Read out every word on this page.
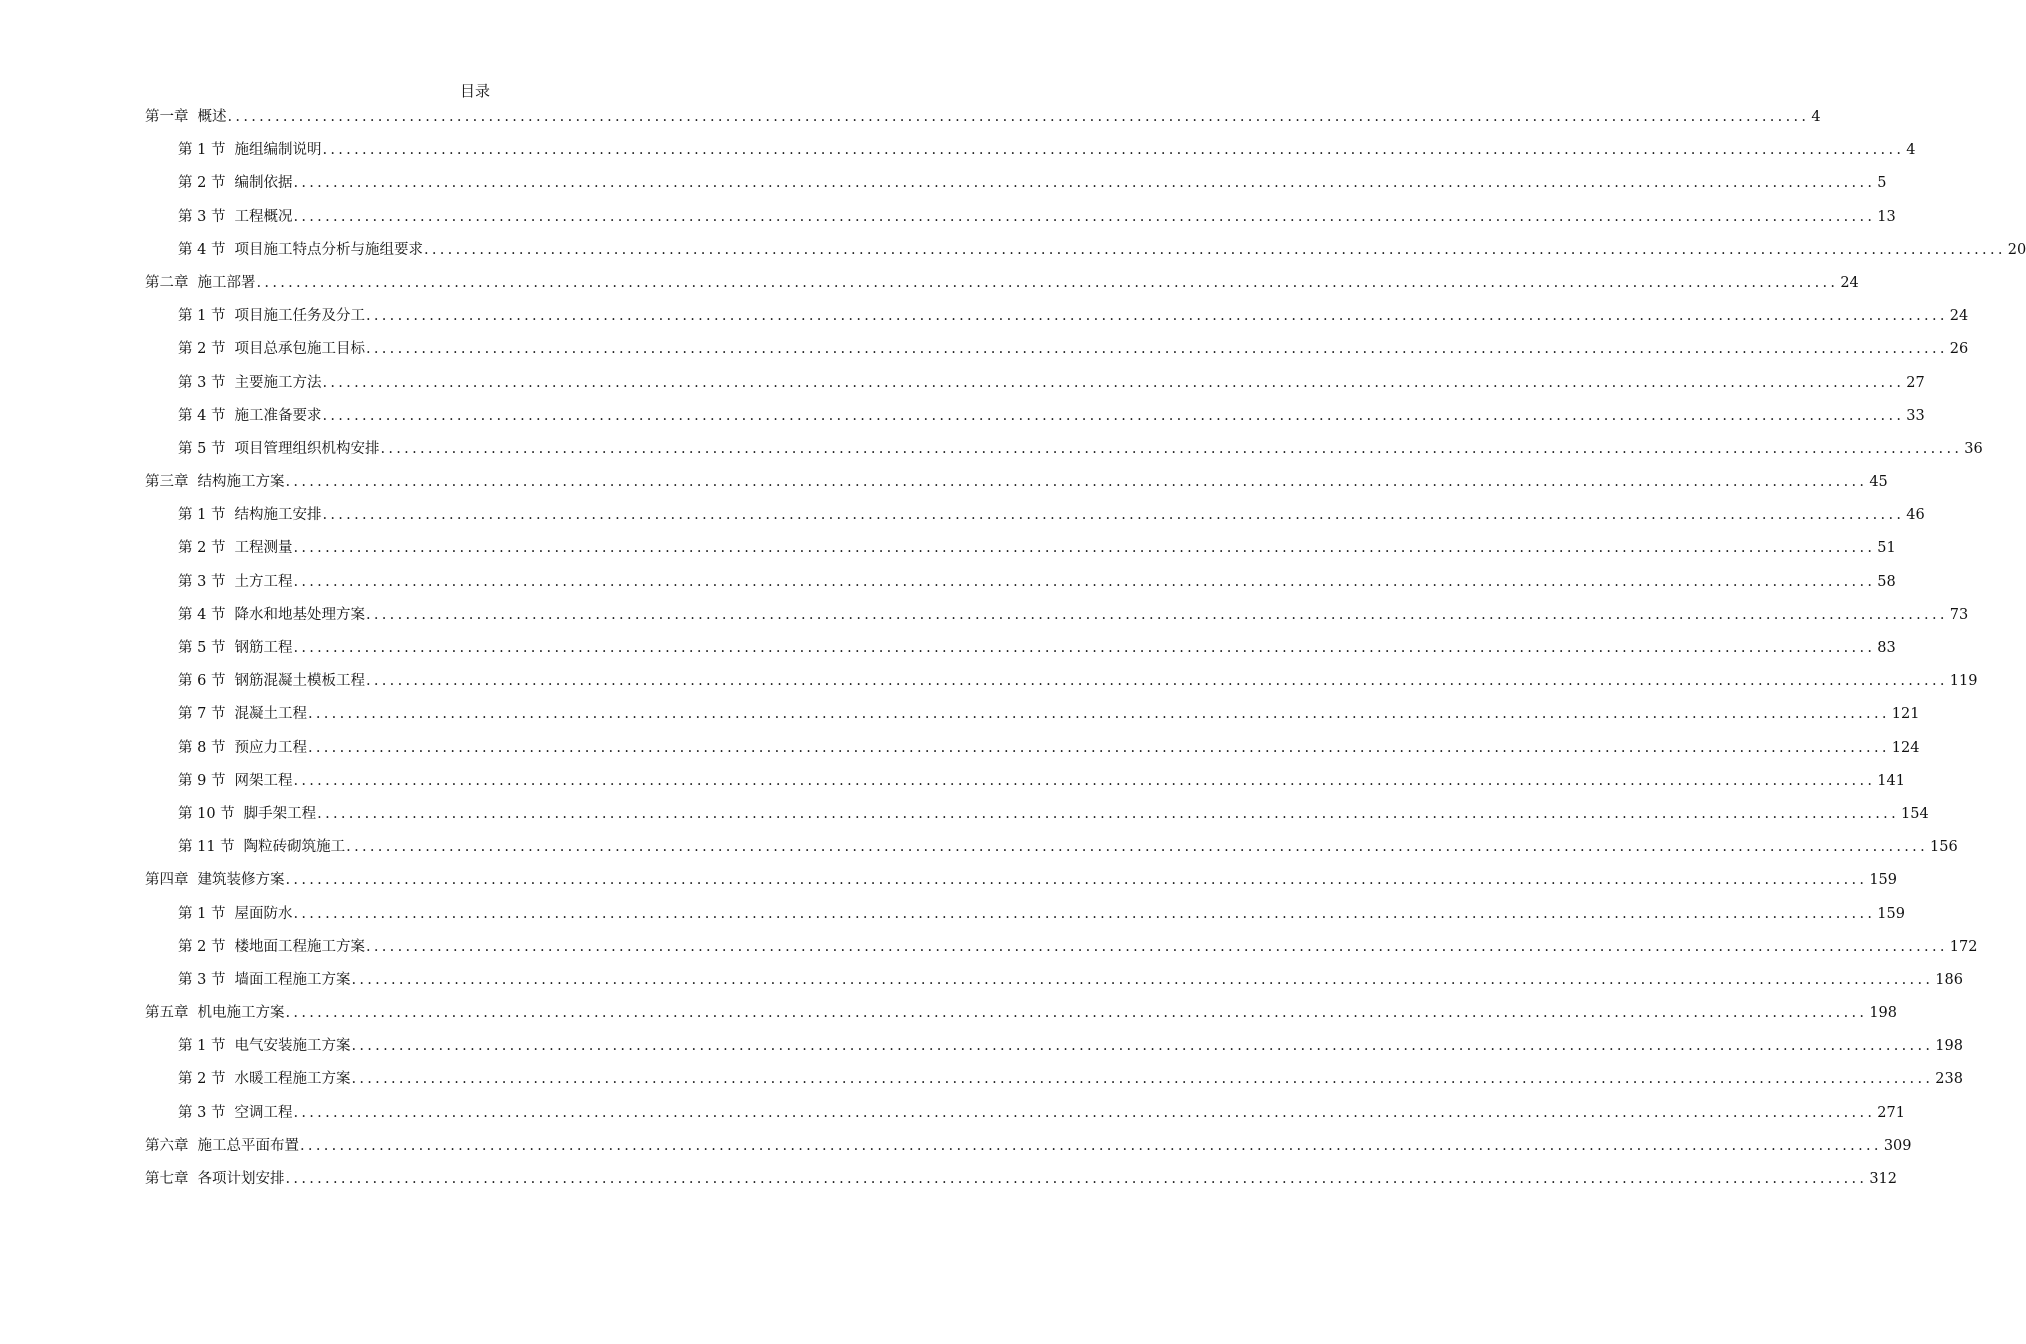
目录
第一章 概述 ........................................................................................................................................................................................................ 4
第 1 节 施组编制说明 ........................................................................................................................................................................................................ 4
第 2 节 编制依据 ........................................................................................................................................................................................................ 5
第 3 节 工程概况 ........................................................................................................................................................................................................ 13
第 4 节 项目施工特点分析与施组要求 ........................................................................................................................................................................................................ 20
第二章 施工部署 ........................................................................................................................................................................................................ 24
第 1 节 项目施工任务及分工 ........................................................................................................................................................................................................ 24
第 2 节 项目总承包施工目标 ........................................................................................................................................................................................................ 26
第 3 节 主要施工方法 ........................................................................................................................................................................................................ 27
第 4 节 施工准备要求 ........................................................................................................................................................................................................ 33
第 5 节 项目管理组织机构安排 ........................................................................................................................................................................................................ 36
第三章 结构施工方案 ........................................................................................................................................................................................................ 45
第 1 节 结构施工安排 ........................................................................................................................................................................................................ 46
第 2 节 工程测量 ........................................................................................................................................................................................................ 51
第 3 节 土方工程 ........................................................................................................................................................................................................ 58
第 4 节 降水和地基处理方案 ........................................................................................................................................................................................................ 73
第 5 节 钢筋工程 ........................................................................................................................................................................................................ 83
第 6 节 钢筋混凝土模板工程 ........................................................................................................................................................................................................ 119
第 7 节 混凝土工程 ........................................................................................................................................................................................................ 121
第 8 节 预应力工程 ........................................................................................................................................................................................................ 124
第 9 节 网架工程 ........................................................................................................................................................................................................ 141
第 10 节 脚手架工程 ........................................................................................................................................................................................................ 154
第 11 节 陶粒砖砌筑施工 ........................................................................................................................................................................................................ 156
第四章 建筑装修方案 ........................................................................................................................................................................................................ 159
第 1 节 屋面防水 ........................................................................................................................................................................................................ 159
第 2 节 楼地面工程施工方案 ........................................................................................................................................................................................................ 172
第 3 节 墙面工程施工方案 ........................................................................................................................................................................................................ 186
第五章 机电施工方案 ........................................................................................................................................................................................................ 198
第 1 节 电气安装施工方案 ........................................................................................................................................................................................................ 198
第 2 节 水暖工程施工方案 ........................................................................................................................................................................................................ 238
第 3 节 空调工程 ........................................................................................................................................................................................................ 271
第六章 施工总平面布置 ........................................................................................................................................................................................................ 309
第七章 各项计划安排 ........................................................................................................................................................................................................ 312
